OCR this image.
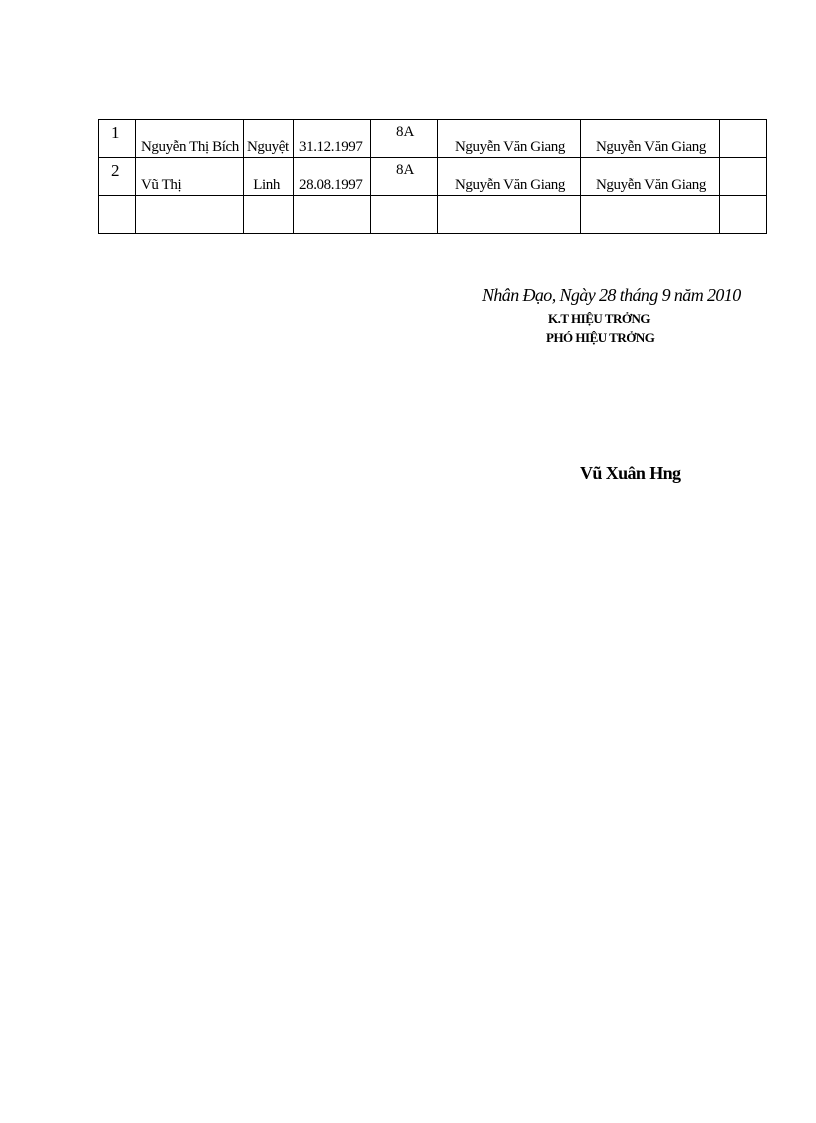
1	Nguyễn Thị Bích	Nguyệt	31.12.1997	8A	Nguyễn Văn Giang	Nguyễn Văn Giang	

2	Vũ Thị	Linh	28.08.1997	8A	Nguyễn Văn Giang	Nguyễn Văn Giang	

Nhân Đạo, Ngày 28 tháng 9 năm 2010
K.T HIỆU TRỞNG
PHÓ HIỆU TRỞNG
Vũ Xuân Hng
